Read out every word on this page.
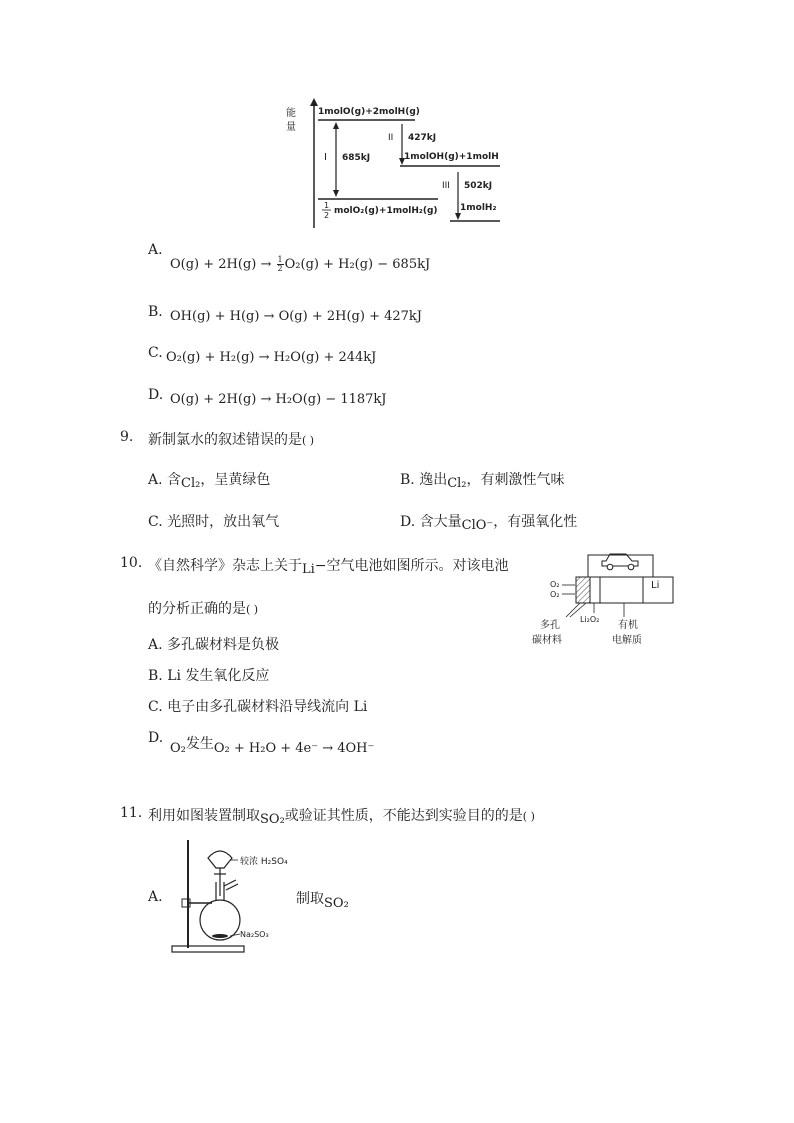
能
量
1molO(g)+2molH(g)
1molOH(g)+1molH
1
2 molO₂(g)+1molH₂(g)	1molH₂
I 685kJ
II 427kJ
III 502kJ
A.
$O(g) + 2H(g) \to \frac{1}{2} O_2(g) + H_2(g) - 685kJ$
B. OH(g) + H(g) → O(g) + 2H(g) + 427kJ
C. O₂(g) + H₂(g) → H₂O(g) + 244kJ
D. O(g) + 2H(g) → H₂O(g) − 1187kJ
9. 新制氯水的叙述错误的是( )
A. 含Cl₂，呈黄绿色	B. 逸出Cl₂，有刺激性气味
C. 光照时，放出氧气	D. 含大量ClO⁻，有强氧化性
10. 《自然科学》杂志上关于Li−空气电池如图所示。对该电池
的分析正确的是( )
O₂
O₂
Li
Li₂O₂
多孔
碳材料
有机
电解质
A. 多孔碳材料是负极
B. Li 发生氧化反应
C. 电子由多孔碳材料沿导线流向 Li
D.
O₂发生O₂ + H₂O + 4e⁻ → 4OH⁻
11. 利用如图装置制取SO₂或验证其性质，不能达到实验目的的是( )
A.
较浓 H₂SO₄
Na₂SO₃
制取SO₂
